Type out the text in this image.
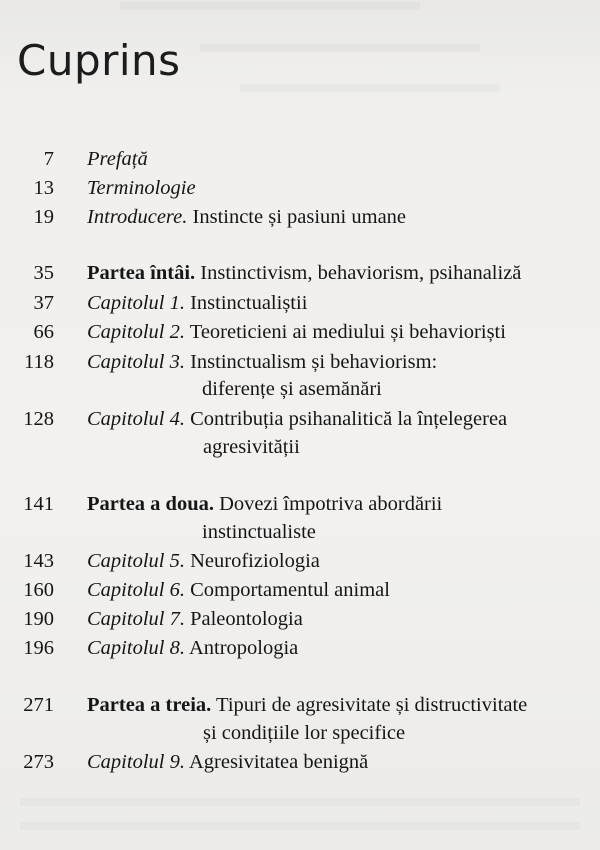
Cuprins
7 Prefață
13 Terminologie
19 Introducere. Instincte și pasiuni umane
35 Partea întâi. Instinctivism, behaviorism, psihanaliză
37 Capitolul 1. Instinctualiștii
66 Capitolul 2. Teoreticieni ai mediului și behavioriști
118 Capitolul 3. Instinctualism și behaviorism:
diferențe și asemănări
128 Capitolul 4. Contribuția psihanalitică la înțelegerea
agresivității
141 Partea a doua. Dovezi împotriva abordării
instinctualiste
143 Capitolul 5. Neurofiziologia
160 Capitolul 6. Comportamentul animal
190 Capitolul 7. Paleontologia
196 Capitolul 8. Antropologia
271 Partea a treia. Tipuri de agresivitate și distructivitate
și condițiile lor specifice
273 Capitolul 9. Agresivitatea benignă
